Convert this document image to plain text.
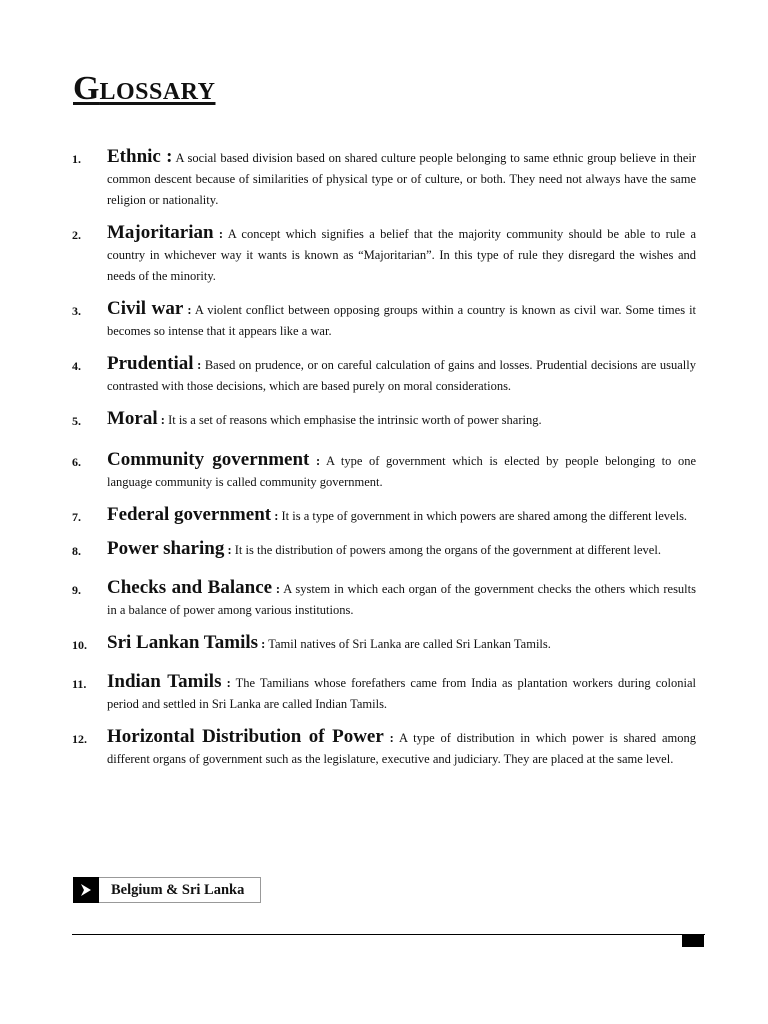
GLOSSARY
1. Ethnic : A social based division based on shared culture people belonging to same ethnic group believe in their common descent because of similarities of physical type or of culture, or both. They need not always have the same religion or nationality.

2. Majoritarian : A concept which signifies a belief that the majority community should be able to rule a country in whichever way it wants is known as “Majoritarian”. In this type of rule they disregard the wishes and needs of the minority.

3. Civil war : A violent conflict between opposing groups within a country is known as civil war. Some times it becomes so intense that it appears like a war.

4. Prudential : Based on prudence, or on careful calculation of gains and losses. Prudential decisions are usually contrasted with those decisions, which are based purely on moral considerations.

5. Moral : It is a set of reasons which emphasise the intrinsic worth of power sharing.

6. Community government : A type of government which is elected by people belonging to one language community is called community government.

7. Federal government : It is a type of government in which powers are shared among the different levels.

8. Power sharing : It is the distribution of powers among the organs of the government at different level.

9. Checks and Balance : A system in which each organ of the government checks the others which results in a balance of power among various institutions.

10. Sri Lankan Tamils : Tamil natives of Sri Lanka are called Sri Lankan Tamils.

11. Indian Tamils : The Tamilians whose forefathers came from India as plantation workers during colonial period and settled in Sri Lanka are called Indian Tamils.

12. Horizontal Distribution of Power : A type of distribution in which power is shared among different organs of government such as the legislature, executive and judiciary. They are placed at the same level.

Belgium & Sri Lanka
